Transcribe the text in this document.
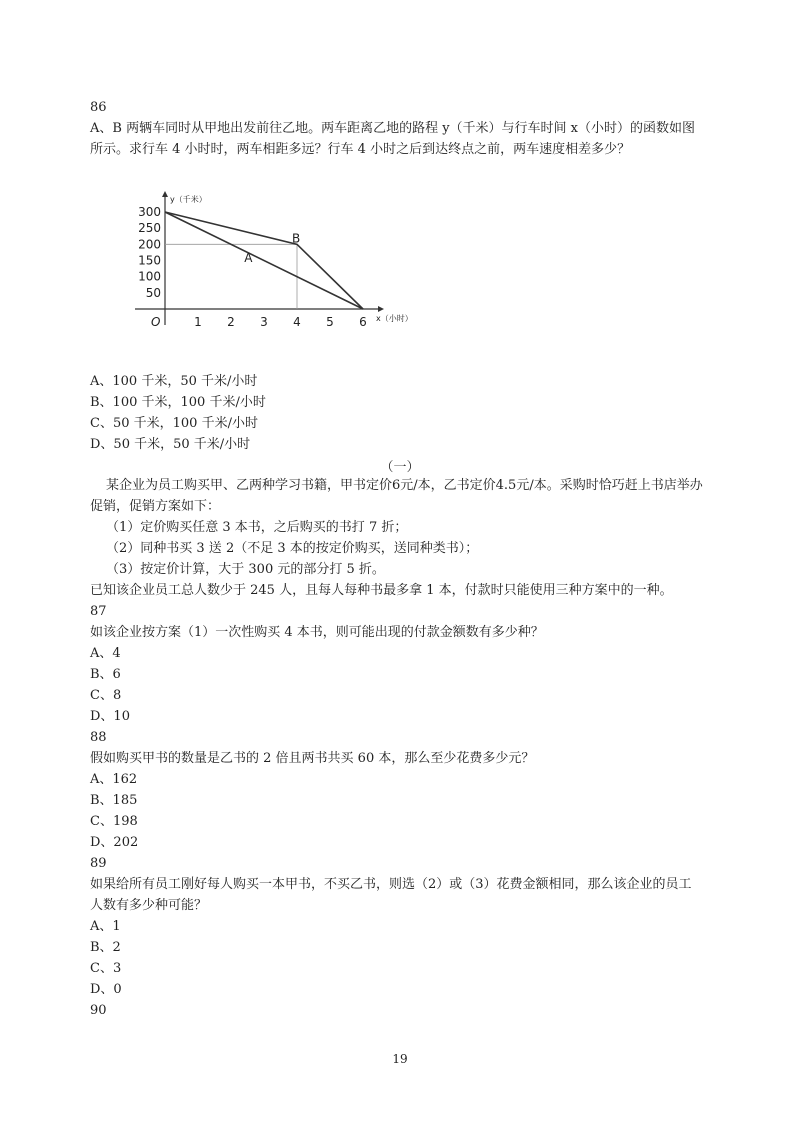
86
A、B 两辆车同时从甲地出发前往乙地。两车距离乙地的路程 y（千米）与行车时间 x（小时）的函数如图
所示。求行车 4 小时时，两车相距多远？行车 4 小时之后到达终点之前，两车速度相差多少？
50
100
150
200
250
300
1 2 3 4 5 6
O
y（千米）
x（小时）
A
B
A、100 千米，50 千米/小时
B、100 千米，100 千米/小时
C、50 千米，100 千米/小时
D、50 千米，50 千米/小时
（一）
某企业为员工购买甲、乙两种学习书籍，甲书定价6元/本，乙书定价4.5元/本。采购时恰巧赶上书店举办
促销，促销方案如下：
（1）定价购买任意 3 本书，之后购买的书打 7 折；
（2）同种书买 3 送 2（不足 3 本的按定价购买，送同种类书）；
（3）按定价计算，大于 300 元的部分打 5 折。
已知该企业员工总人数少于 245 人，且每人每种书最多拿 1 本，付款时只能使用三种方案中的一种。
87
如该企业按方案（1）一次性购买 4 本书，则可能出现的付款金额数有多少种？
A、4
B、6
C、8
D、10
88
假如购买甲书的数量是乙书的 2 倍且两书共买 60 本，那么至少花费多少元？
A、162
B、185
C、198
D、202
89
如果给所有员工刚好每人购买一本甲书，不买乙书，则选（2）或（3）花费金额相同，那么该企业的员工
人数有多少种可能？
A、1
B、2
C、3
D、0
90
19
